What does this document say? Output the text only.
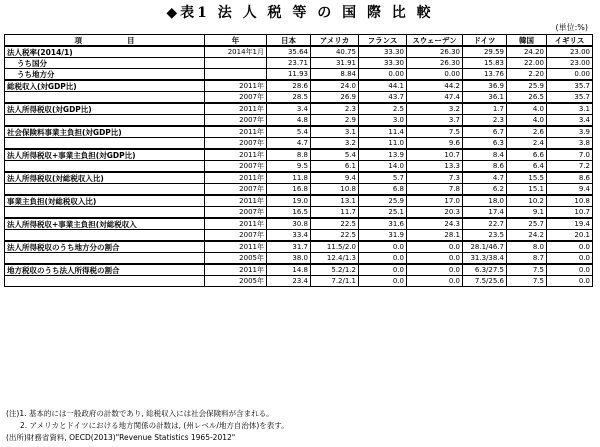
◆表1 法 人 税 等 の 国 際 比 較
(単位:%)
項　　　　　　目	年	日本	アメリカ	フランス	スウェーデン	ドイツ	韓国	イギリス
法人税率(2014/1)	2014年1月	35.64	40.75	33.30	26.30	29.59	24.20	23.00
うち国分		23.71	31.91	33.30	26.30	15.83	22.00	23.00
うち地方分		11.93	8.84	0.00	0.00	13.76	2.20	0.00
総税収入(対GDP比)	2011年	28.6	24.0	44.1	44.2	36.9	25.9	35.7
	2007年	28.5	26.9	43.7	47.4	36.1	26.5	35.7
法人所得税収(対GDP比)	2011年	3.4	2.3	2.5	3.2	1.7	4.0	3.1
	2007年	4.8	2.9	3.0	3.7	2.3	4.0	3.4
社会保険料事業主負担(対GDP比)	2011年	5.4	3.1	11.4	7.5	6.7	2.6	3.9
	2007年	4.7	3.2	11.0	9.6	6.3	2.4	3.8
法人所得税収+事業主負担(対GDP比)	2011年	8.8	5.4	13.9	10.7	8.4	6.6	7.0
	2007年	9.5	6.1	14.0	13.3	8.6	6.4	7.2
法人所得税収(対総税収入比)	2011年	11.8	9.4	5.7	7.3	4.7	15.5	8.6
	2007年	16.8	10.8	6.8	7.8	6.2	15.1	9.4
事業主負担(対総税収入比)	2011年	19.0	13.1	25.9	17.0	18.0	10.2	10.8
	2007年	16.5	11.7	25.1	20.3	17.4	9.1	10.7
法人所得税収+事業主負担(対総税収入	2011年	30.8	22.5	31.6	24.3	22.7	25.7	19.4
	2007年	33.4	22.5	31.9	28.1	23.5	24.2	20.1
法人所得税収のうち地方分の割合	2011年	31.7	11.5/2.0	0.0	0.0	28.1/46.7	8.0	0.0
	2005年	38.0	12.4/1.3	0.0	0.0	31.3/38.4	8.7	0.0
地方税収のうち法人所得税の割合	2011年	14.8	5.2/1.2	0.0	0.0	6.3/27.5	7.5	0.0
	2005年	23.4	7.2/1.1	0.0	0.0	7.5/25.6	7.5	0.0
(注)1. 基本的には一般政府の計数であり, 総税収入には社会保険料が含まれる。
2. アメリカとドイツにおける地方関係の計数は, (州レベル/地方自治体)を表す。
(出所)財務省資料, OECD(2013)"Revenue Statistics 1965-2012"
